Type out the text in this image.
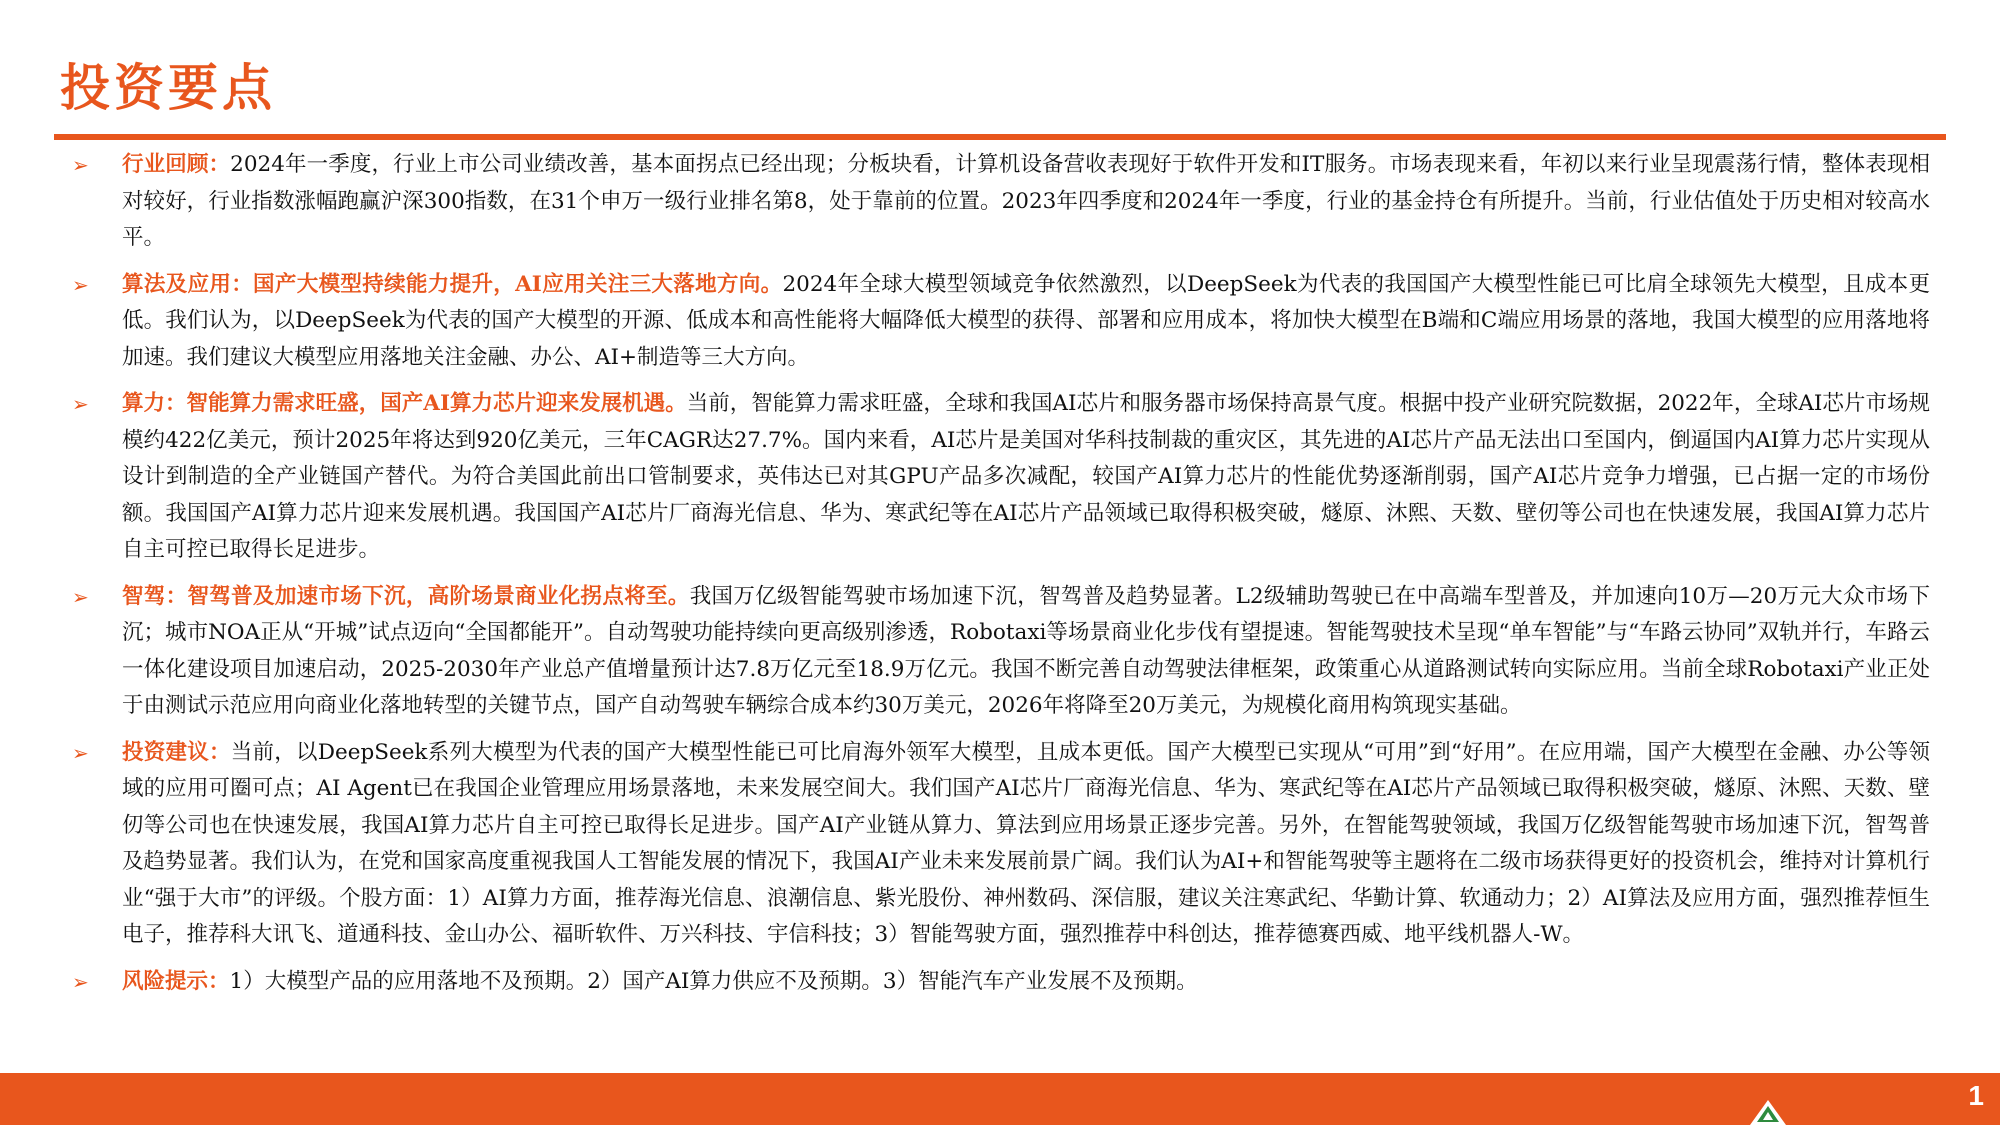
投资要点
➢ 行业回顾：2024年一季度，行业上市公司业绩改善，基本面拐点已经出现；分板块看，计算机设备营收表现好于软件开发和IT服务。市场表现来看，年初以来行业呈现震荡行情，整体表现相对较好，行业指数涨幅跑赢沪深300指数，在31个申万一级行业排名第8，处于靠前的位置。2023年四季度和2024年一季度，行业的基金持仓有所提升。当前，行业估值处于历史相对较高水平。
➢ 算法及应用：国产大模型持续能力提升，AI应用关注三大落地方向。2024年全球大模型领域竞争依然激烈，以DeepSeek为代表的我国国产大模型性能已可比肩全球领先大模型，且成本更低。我们认为，以DeepSeek为代表的国产大模型的开源、低成本和高性能将大幅降低大模型的获得、部署和应用成本，将加快大模型在B端和C端应用场景的落地，我国大模型的应用落地将加速。我们建议大模型应用落地关注金融、办公、AI+制造等三大方向。
➢ 算力：智能算力需求旺盛，国产AI算力芯片迎来发展机遇。当前，智能算力需求旺盛，全球和我国AI芯片和服务器市场保持高景气度。根据中投产业研究院数据，2022年，全球AI芯片市场规模约422亿美元，预计2025年将达到920亿美元，三年CAGR达27.7%。国内来看，AI芯片是美国对华科技制裁的重灾区，其先进的AI芯片产品无法出口至国内，倒逼国内AI算力芯片实现从设计到制造的全产业链国产替代。为符合美国此前出口管制要求，英伟达已对其GPU产品多次减配，较国产AI算力芯片的性能优势逐渐削弱，国产AI芯片竞争力增强，已占据一定的市场份额。我国国产AI算力芯片迎来发展机遇。我国国产AI芯片厂商海光信息、华为、寒武纪等在AI芯片产品领域已取得积极突破，燧原、沐熙、天数、壁仞等公司也在快速发展，我国AI算力芯片自主可控已取得长足进步。
➢ 智驾：智驾普及加速市场下沉，高阶场景商业化拐点将至。我国万亿级智能驾驶市场加速下沉，智驾普及趋势显著。L2级辅助驾驶已在中高端车型普及，并加速向10万—20万元大众市场下沉；城市NOA正从“开城”试点迈向“全国都能开”。自动驾驶功能持续向更高级别渗透，Robotaxi等场景商业化步伐有望提速。智能驾驶技术呈现“单车智能”与“车路云协同”双轨并行，车路云一体化建设项目加速启动，2025-2030年产业总产值增量预计达7.8万亿元至18.9万亿元。我国不断完善自动驾驶法律框架，政策重心从道路测试转向实际应用。当前全球Robotaxi产业正处于由测试示范应用向商业化落地转型的关键节点，国产自动驾驶车辆综合成本约30万美元，2026年将降至20万美元，为规模化商用构筑现实基础。
➢ 投资建议：当前，以DeepSeek系列大模型为代表的国产大模型性能已可比肩海外领军大模型，且成本更低。国产大模型已实现从“可用”到“好用”。在应用端，国产大模型在金融、办公等领域的应用可圈可点；AI Agent已在我国企业管理应用场景落地，未来发展空间大。我们国产AI芯片厂商海光信息、华为、寒武纪等在AI芯片产品领域已取得积极突破，燧原、沐熙、天数、壁仞等公司也在快速发展，我国AI算力芯片自主可控已取得长足进步。国产AI产业链从算力、算法到应用场景正逐步完善。另外，在智能驾驶领域，我国万亿级智能驾驶市场加速下沉，智驾普及趋势显著。我们认为，在党和国家高度重视我国人工智能发展的情况下，我国AI产业未来发展前景广阔。我们认为AI+和智能驾驶等主题将在二级市场获得更好的投资机会，维持对计算机行业“强于大市”的评级。个股方面：1）AI算力方面，推荐海光信息、浪潮信息、紫光股份、神州数码、深信服，建议关注寒武纪、华勤计算、软通动力；2）AI算法及应用方面，强烈推荐恒生电子，推荐科大讯飞、道通科技、金山办公、福昕软件、万兴科技、宇信科技；3）智能驾驶方面，强烈推荐中科创达，推荐德赛西威、地平线机器人-W。
➢ 风险提示：1）大模型产品的应用落地不及预期。2）国产AI算力供应不及预期。3）智能汽车产业发展不及预期。
1
